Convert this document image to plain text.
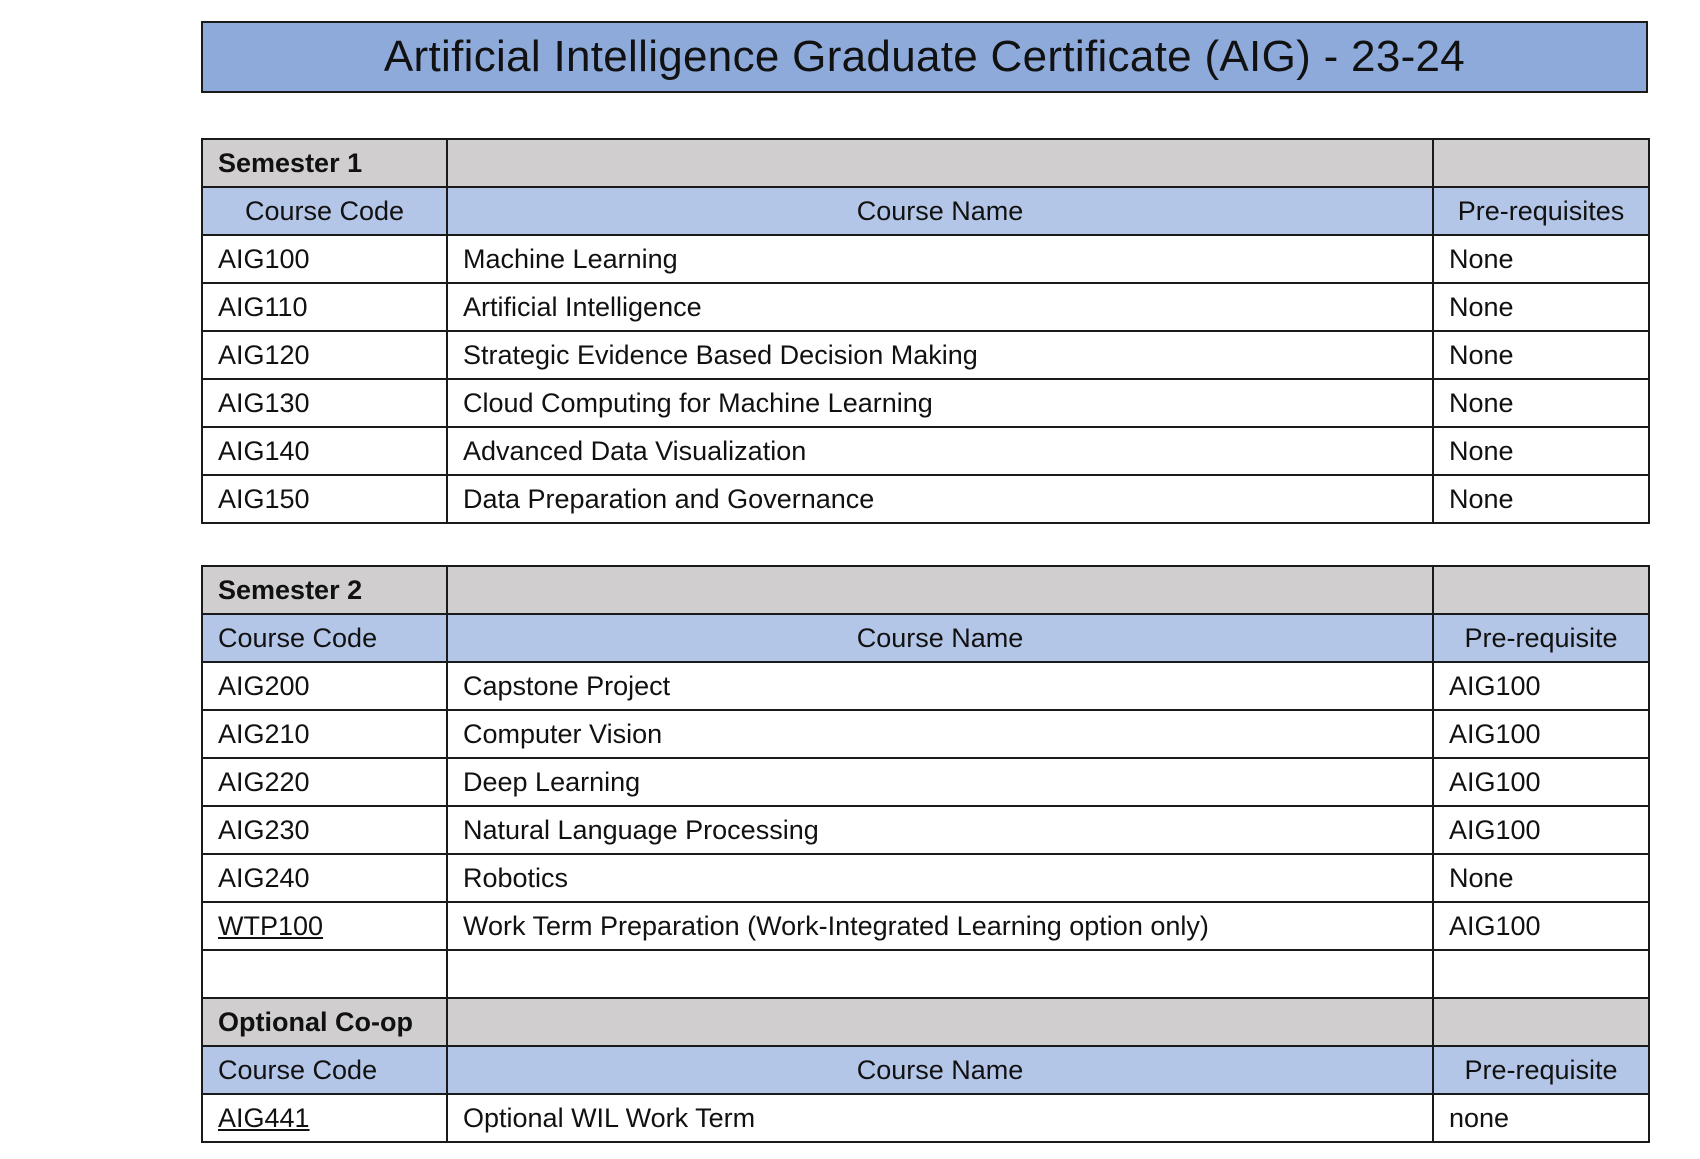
Artificial Intelligence Graduate Certificate (AIG) - 23-24
Semester 1		
Course Code	Course Name	Pre-requisites
AIG100	Machine Learning	None
AIG110	Artificial Intelligence	None
AIG120	Strategic Evidence Based Decision Making	None
AIG130	Cloud Computing for Machine Learning	None
AIG140	Advanced Data Visualization	None
AIG150	Data Preparation and Governance	None
Semester 2		
Course Code	Course Name	Pre-requisite
AIG200	Capstone Project	AIG100
AIG210	Computer Vision	AIG100
AIG220	Deep Learning	AIG100
AIG230	Natural Language Processing	AIG100
AIG240	Robotics	None
WTP100	Work Term Preparation (Work-Integrated Learning option only)	AIG100

Optional Co-op		
Course Code	Course Name	Pre-requisite
AIG441	Optional WIL Work Term	none
